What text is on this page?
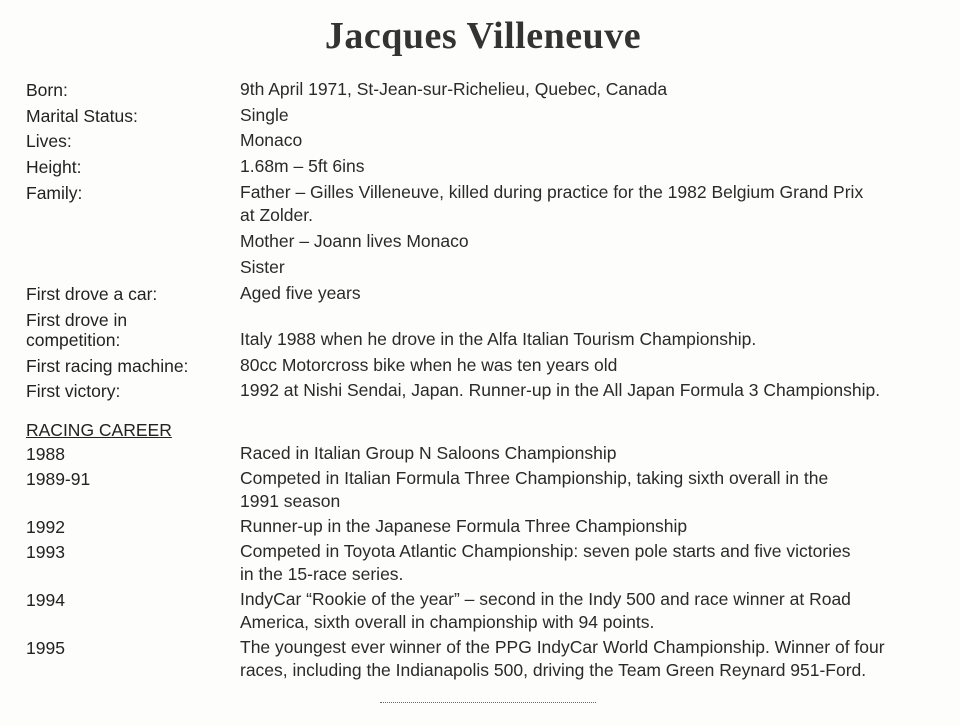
Jacques Villeneuve
Born:	9th April 1971, St-Jean-sur-Richelieu, Quebec, Canada
Marital Status:	Single
Lives:	Monaco
Height:	1.68m – 5ft 6ins
Family:	Father – Gilles Villeneuve, killed during practice for the 1982 Belgium Grand Prix
at Zolder.
Mother – Joann lives Monaco
Sister
First drove a car:	Aged five years
First drove in
competition:	Italy 1988 when he drove in the Alfa Italian Tourism Championship.
First racing machine:	80cc Motorcross bike when he was ten years old
First victory:	1992 at Nishi Sendai, Japan. Runner-up in the All Japan Formula 3 Championship.
RACING CAREER
1988	Raced in Italian Group N Saloons Championship
1989-91	Competed in Italian Formula Three Championship, taking sixth overall in the
1991 season
1992	Runner-up in the Japanese Formula Three Championship
1993	Competed in Toyota Atlantic Championship: seven pole starts and five victories
in the 15-race series.
1994	IndyCar “Rookie of the year” – second in the Indy 500 and race winner at Road
America, sixth overall in championship with 94 points.
1995	The youngest ever winner of the PPG IndyCar World Championship. Winner of four
races, including the Indianapolis 500, driving the Team Green Reynard 951-Ford.
